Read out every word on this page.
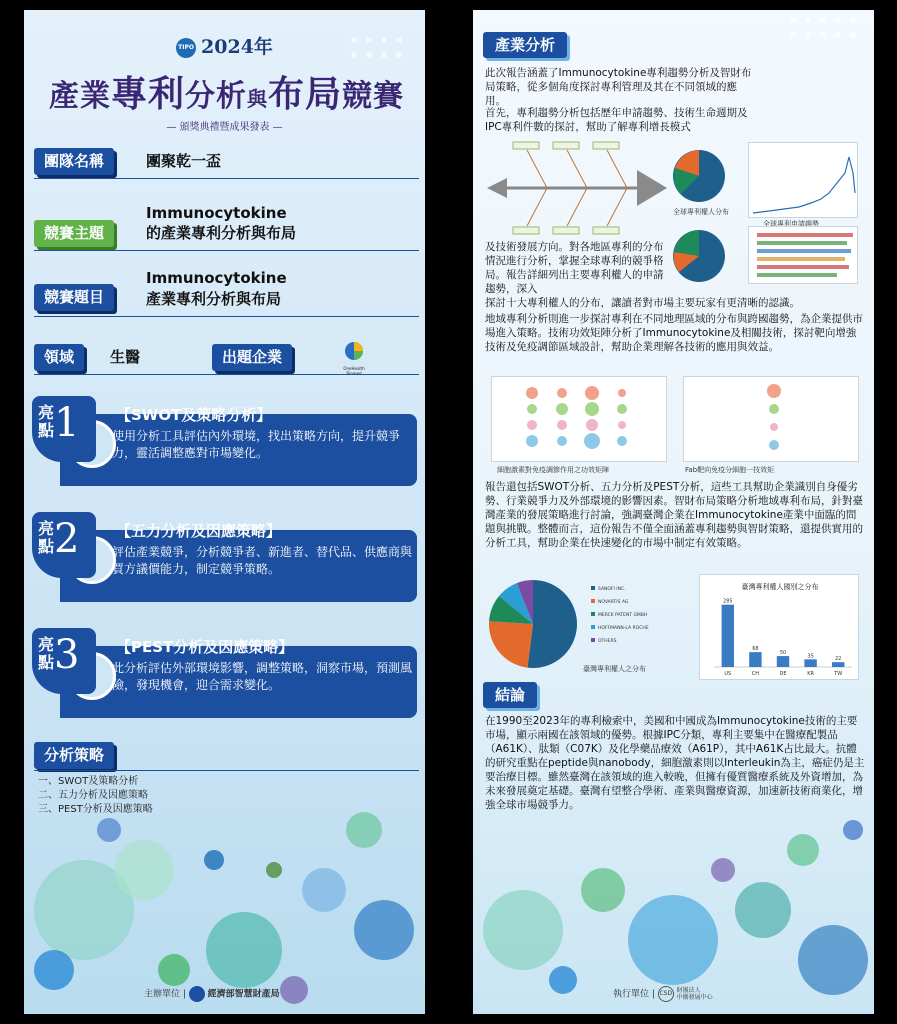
TIPO 2024年
產業專利分析與布局競賽
— 頒獎典禮暨成果發表 —
團隊名稱	團聚乾一盃
競賽主題
Immunocytokine
的產業專利分析與布局
競賽題目
Immunocytokine
產業專利分析與布局
領域	生醫	出題企業
OneHealth
亮點 1 【SWOT及策略分析】
使用分析工具評估內外環境，找出策略方向，提升競爭力，靈活調整應對市場變化。
亮點 2 【五力分析及因應策略】
評估產業競爭，分析競爭者、新進者、替代品、供應商與買方議價能力，制定競爭策略。
亮點 3 【PEST分析及因應策略】
此分析評估外部環境影響，調整策略，洞察市場，預測風險，發現機會，迎合需求變化。
分析策略
一、SWOT及策略分析
二、五力分析及因應策略
三、PEST分析及因應策略
主辦單位 |  經濟部智慧財產局
產業分析
此次報告涵蓋了Immunocytokine專利趨勢分析及智財布局策略，從多個角度探討專利管理及其在不同領域的應用。
首先，專利趨勢分析包括歷年申請趨勢、技術生命週期及IPC專利件數的探討，幫助了解專利增長模式
全球專利權人分布
全球專利申請趨勢
及技術發展方向。對各地區專利的分布情況進行分析，掌握全球專利的競爭格局。報告詳細列出主要專利權人的申請趨勢，深入
探討十大專利權人的分布，讓讀者對市場主要玩家有更清晰的認識。
地域專利分析則進一步探討專利在不同地理區域的分布與跨國趨勢，為企業提供市場進入策略。技術功效矩陣分析了Immunocytokine及相關技術，探討靶向增強技術及免疫調節區域設計，幫助企業理解各技術的應用與效益。
細胞激素對免疫調節作用之功效矩陣	Fab靶向免疫分細胞一技效矩
報告還包括SWOT分析、五力分析及PEST分析，這些工具幫助企業識別自身優劣勢、行業競爭力及外部環境的影響因素。智財布局策略分析地域專利布局，針對臺灣產業的發展策略進行討論，強調臺灣企業在Immunocytokine產業中面臨的問題與挑戰。整體而言，這份報告不僅全面涵蓋專利趨勢與智財策略，還提供實用的分析工具，幫助企業在快速變化的市場中制定有效策略。
SANOFI INC.
NOVARTIS AG
MERCK PATENT GMBH
HOFFMANN-LA ROCHE
OTHERS
臺灣專利權人之分布
臺灣專利權人國別之分布
285
US
68
CH
50
DE
35
KR
22
TW
結論
在1990至2023年的專利檢索中，美國和中國成為Immunocytokine技術的主要市場，顯示兩國在該領域的優勢。根據IPC分類，專利主要集中在醫療配製品（A61K）、肽類（C07K）及化學藥品療效（A61P），其中A61K占比最大。抗體的研究重點在peptide與nanobody，細胞激素則以Interleukin為主，癌症仍是主要治療目標。雖然臺灣在該領域的進入較晚，但擁有優質醫療系統及外資增加，為未來發展奠定基礎。臺灣有望整合學術、產業與醫療資源，加速新技術商業化，增強全球市場競爭力。
執行單位 | CSD 財團法人
中衛發展中心
